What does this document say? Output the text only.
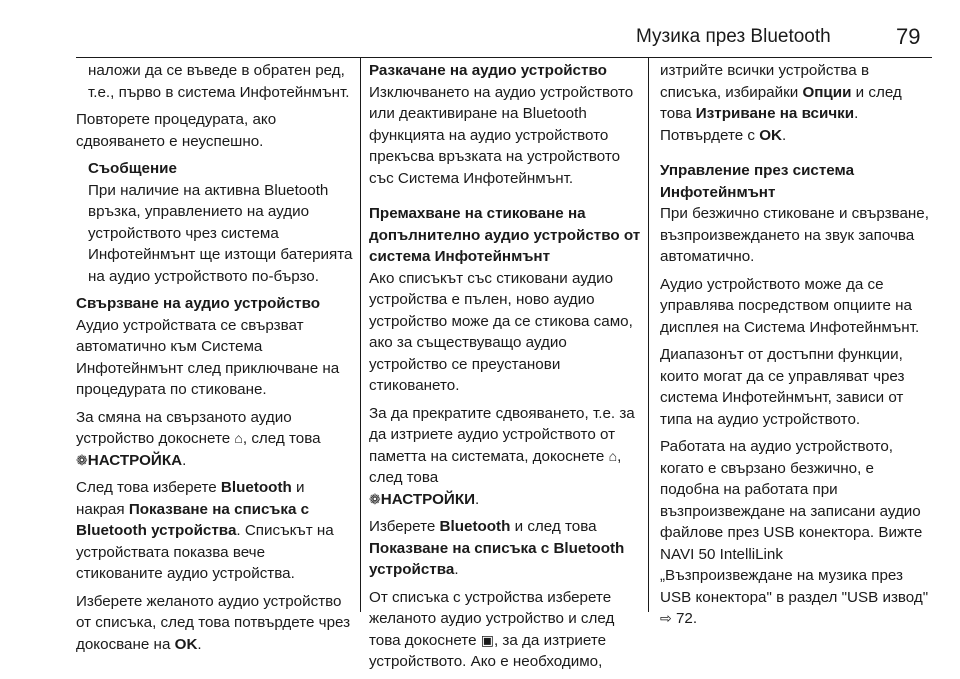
Музика през Bluetooth	79

наложи да се въведе в обратен ред, т.е., първо в система Инфотейнмънт.

Повторете процедурата, ако сдвояването е неуспешно.

Съобщение

При наличие на активна Bluetooth връзка, управлението на аудио устройството чрез система Инфотейнмънт ще изтощи батерията на аудио устройството по-бързо.

Свързване на аудио устройство

Аудио устройствата се свързват автоматично към Система Инфотейнмънт след приключване на процедурата по стиковане.

За смяна на свързаното аудио устройство докоснете ⌂, след това
❁НАСТРОЙКА.

След това изберете Bluetooth и накрая Показване на списъка с Bluetooth устройства. Списъкът на устройствата показва вече стикованите аудио устройства.

Изберете желаното аудио устройство от списъка, след това потвърдете чрез докосване на OK.

Разкачане на аудио устройство

Изключването на аудио устройството или деактивиране на Bluetooth функцията на аудио устройството прекъсва връзката на устройството със Система Инфотейнмънт.

Премахване на стиковане на допълнително аудио устройство от система Инфотейнмънт

Ако списъкът със стиковани аудио устройства е пълен, ново аудио устройство може да се стикова само, ако за съществуващо аудио устройство се преустанови стиковането.

За да прекратите сдвояването, т.е. за да изтриете аудио устройството от паметта на системата, докоснете ⌂, след това
❁НАСТРОЙКИ.

Изберете Bluetooth и след това Показване на списъка с Bluetooth устройства.

От списъка с устройства изберете желаното аудио устройство и след това докоснете ▣, за да изтриете устройството. Ако е необходимо,

изтрийте всички устройства в списъка, избирайки Опции и след това Изтриване на всички.
Потвърдете с OK.

Управление през система Инфотейнмънт

При безжично стиковане и свързване, възпроизвеждането на звук започва автоматично.

Аудио устройството може да се управлява посредством опциите на дисплея на Система Инфотейнмънт.

Диапазонът от достъпни функции, които могат да се управляват чрез система Инфотейнмънт, зависи от типа на аудио устройството.

Работата на аудио устройството, когато е свързано безжично, е подобна на работата при възпроизвеждане на записани аудио файлове през USB конектора. Вижте
NAVI 50 IntelliLink
„Възпроизвеждане на музика през USB конектора" в раздел "USB извод" ⇨ 72.
